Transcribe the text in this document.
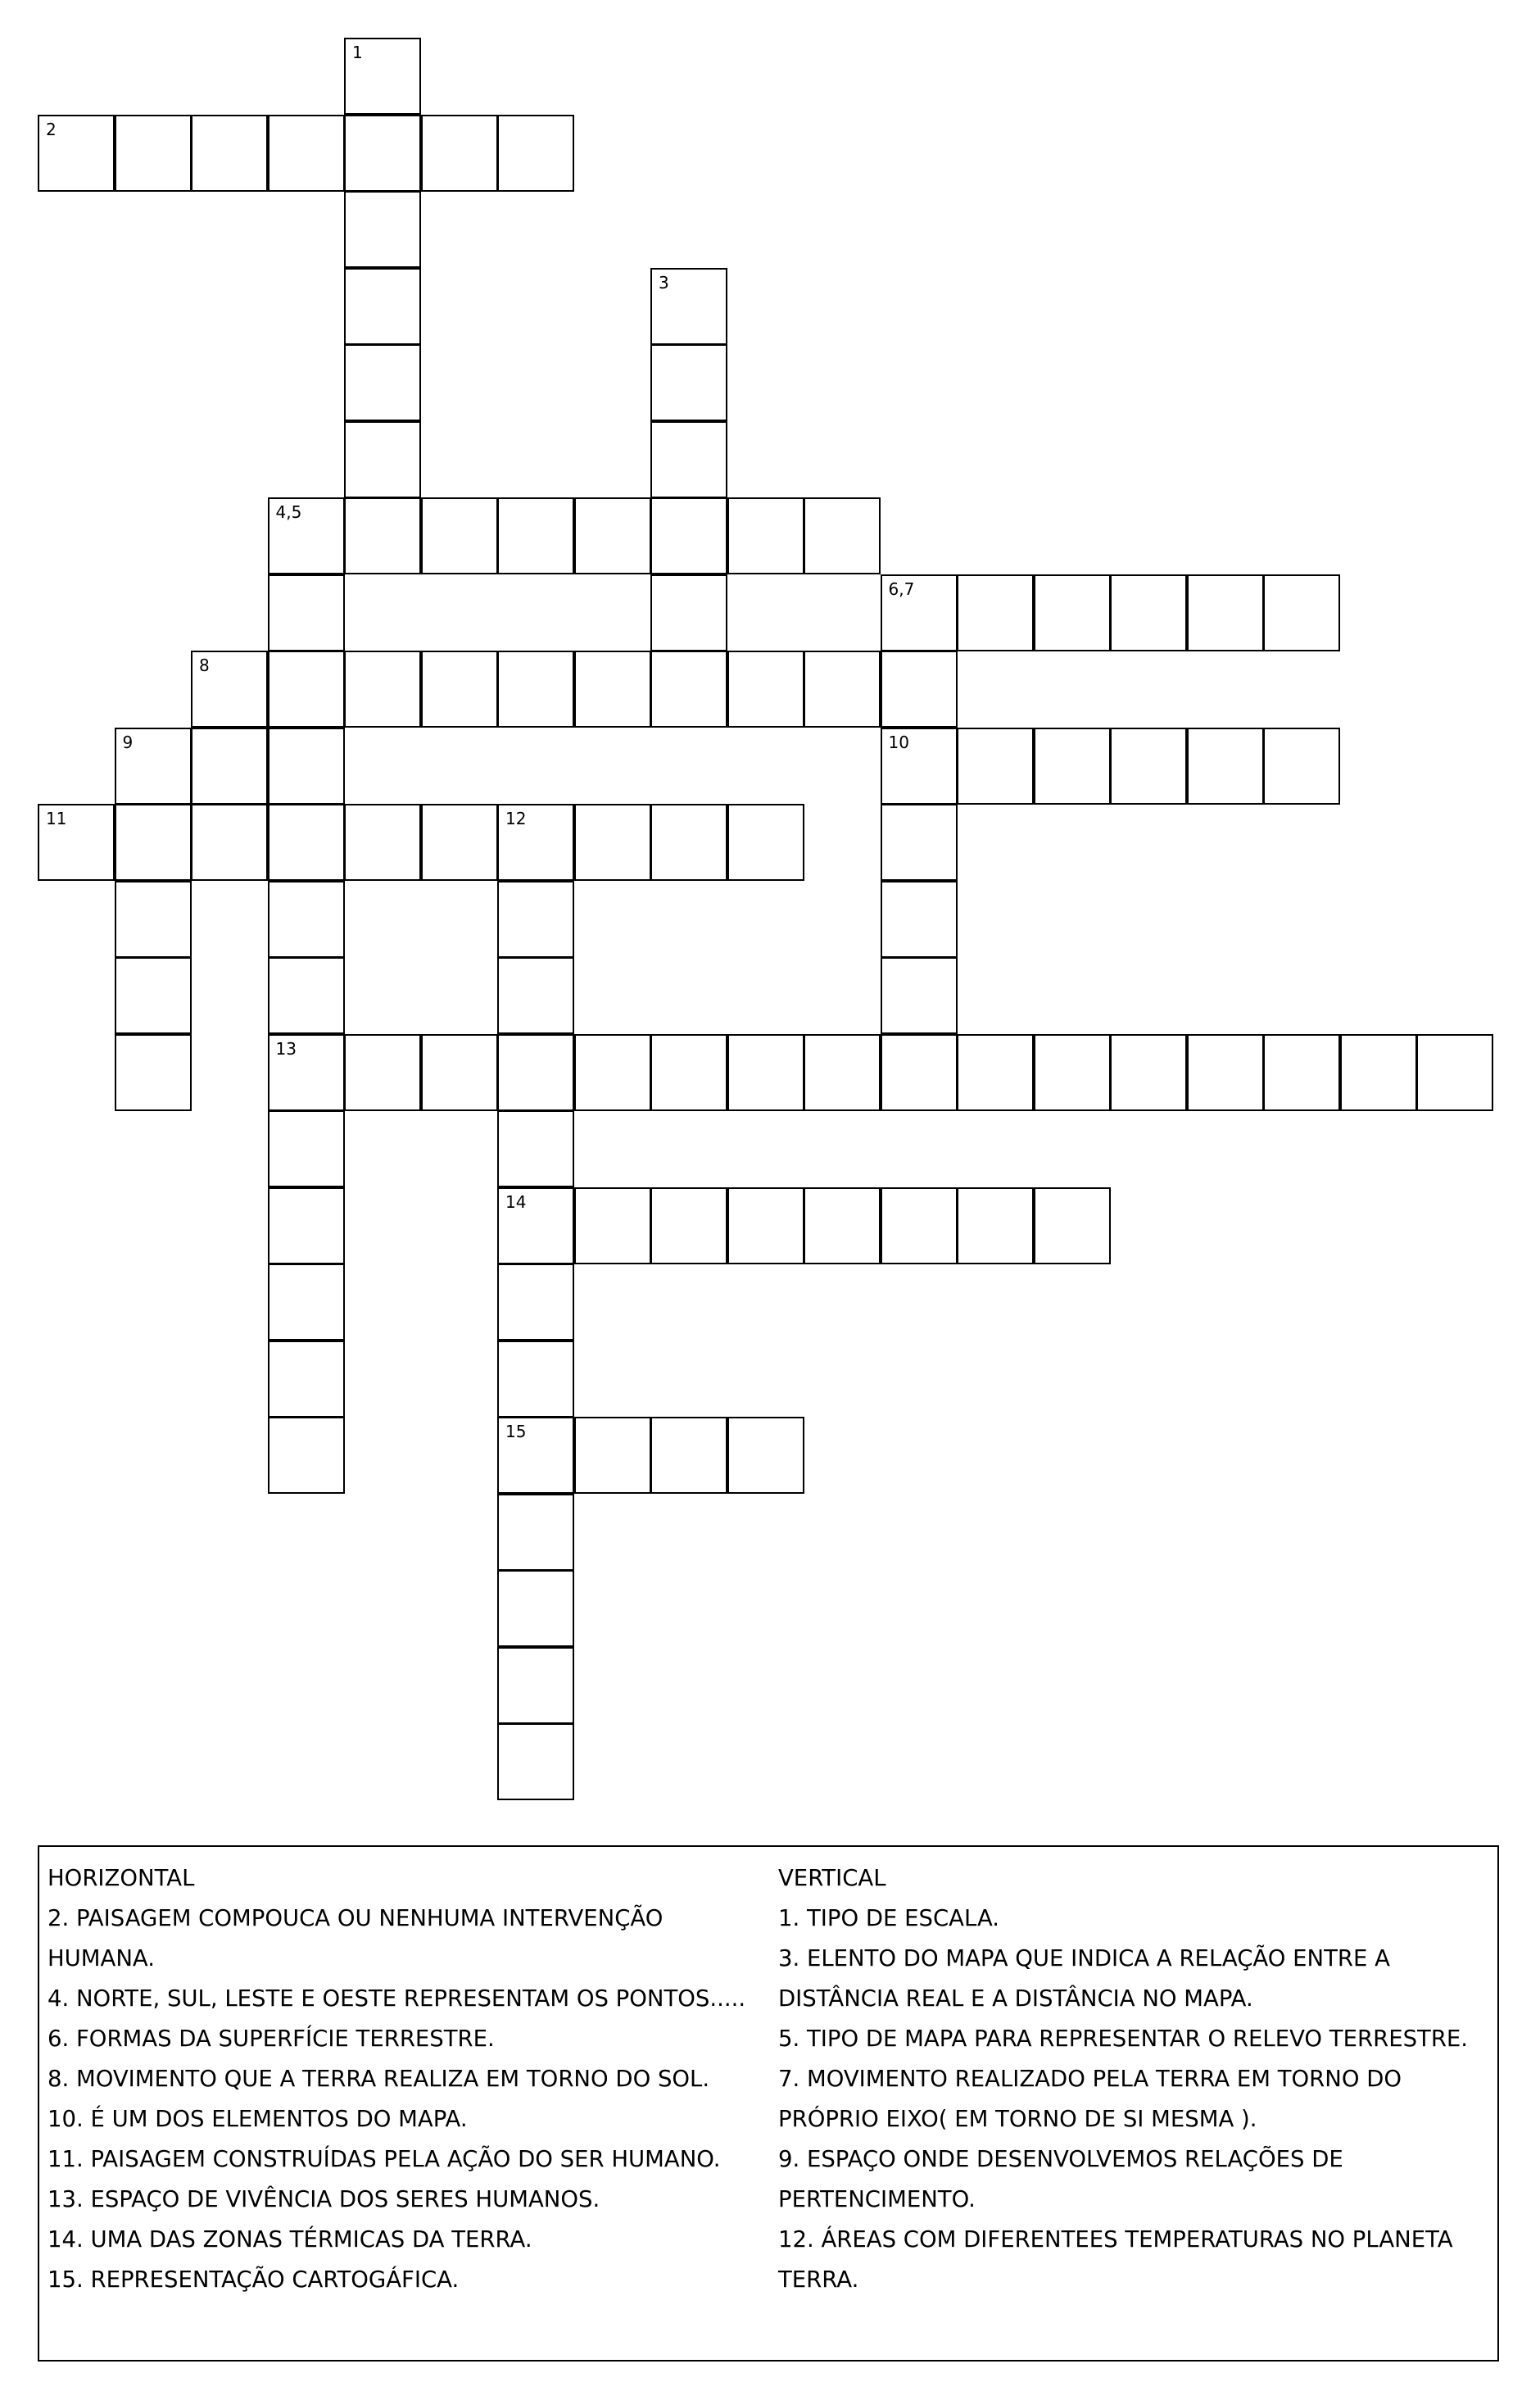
1
2
3
4,5
13
6,7
10
8
9
11	12
14
15
HORIZONTAL
2. PAISAGEM COMPOUCA OU NENHUMA INTERVENÇÃO
HUMANA.
4. NORTE, SUL, LESTE E OESTE REPRESENTAM OS PONTOS.....
6. FORMAS DA SUPERFÍCIE TERRESTRE.
8. MOVIMENTO QUE A TERRA REALIZA EM TORNO DO SOL.
10. É UM DOS ELEMENTOS DO MAPA.
11. PAISAGEM CONSTRUÍDAS PELA AÇÃO DO SER HUMANO.
13. ESPAÇO DE VIVÊNCIA DOS SERES HUMANOS.
14. UMA DAS ZONAS TÉRMICAS DA TERRA.
15. REPRESENTAÇÃO CARTOGÁFICA.
VERTICAL
1. TIPO DE ESCALA.
3. ELENTO DO MAPA QUE INDICA A RELAÇÃO ENTRE A
DISTÂNCIA REAL E A DISTÂNCIA NO MAPA.
5. TIPO DE MAPA PARA REPRESENTAR O RELEVO TERRESTRE.
7. MOVIMENTO REALIZADO PELA TERRA EM TORNO DO
PRÓPRIO EIXO( EM TORNO DE SI MESMA ).
9. ESPAÇO ONDE DESENVOLVEMOS RELAÇÕES DE
PERTENCIMENTO.
12. ÁREAS COM DIFERENTEES TEMPERATURAS NO PLANETA
TERRA.
